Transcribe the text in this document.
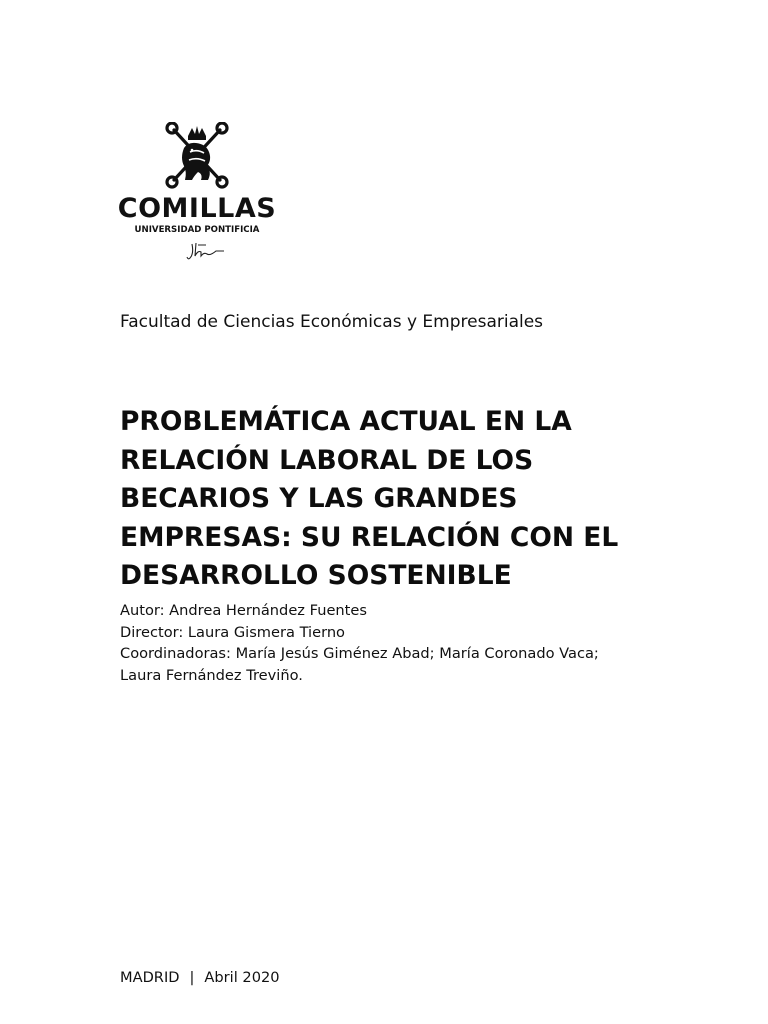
COMILLAS
UNIVERSIDAD PONTIFICIA
Facultad de Ciencias Económicas y Empresariales
PROBLEMÁTICA ACTUAL EN LA
RELACIÓN LABORAL DE LOS
BECARIOS Y LAS GRANDES
EMPRESAS: SU RELACIÓN CON EL
DESARROLLO SOSTENIBLE
Autor: Andrea Hernández Fuentes
Director: Laura Gismera Tierno
Coordinadoras: María Jesús Giménez Abad; María Coronado Vaca;
Laura Fernández Treviño.
MADRID | Abril 2020
